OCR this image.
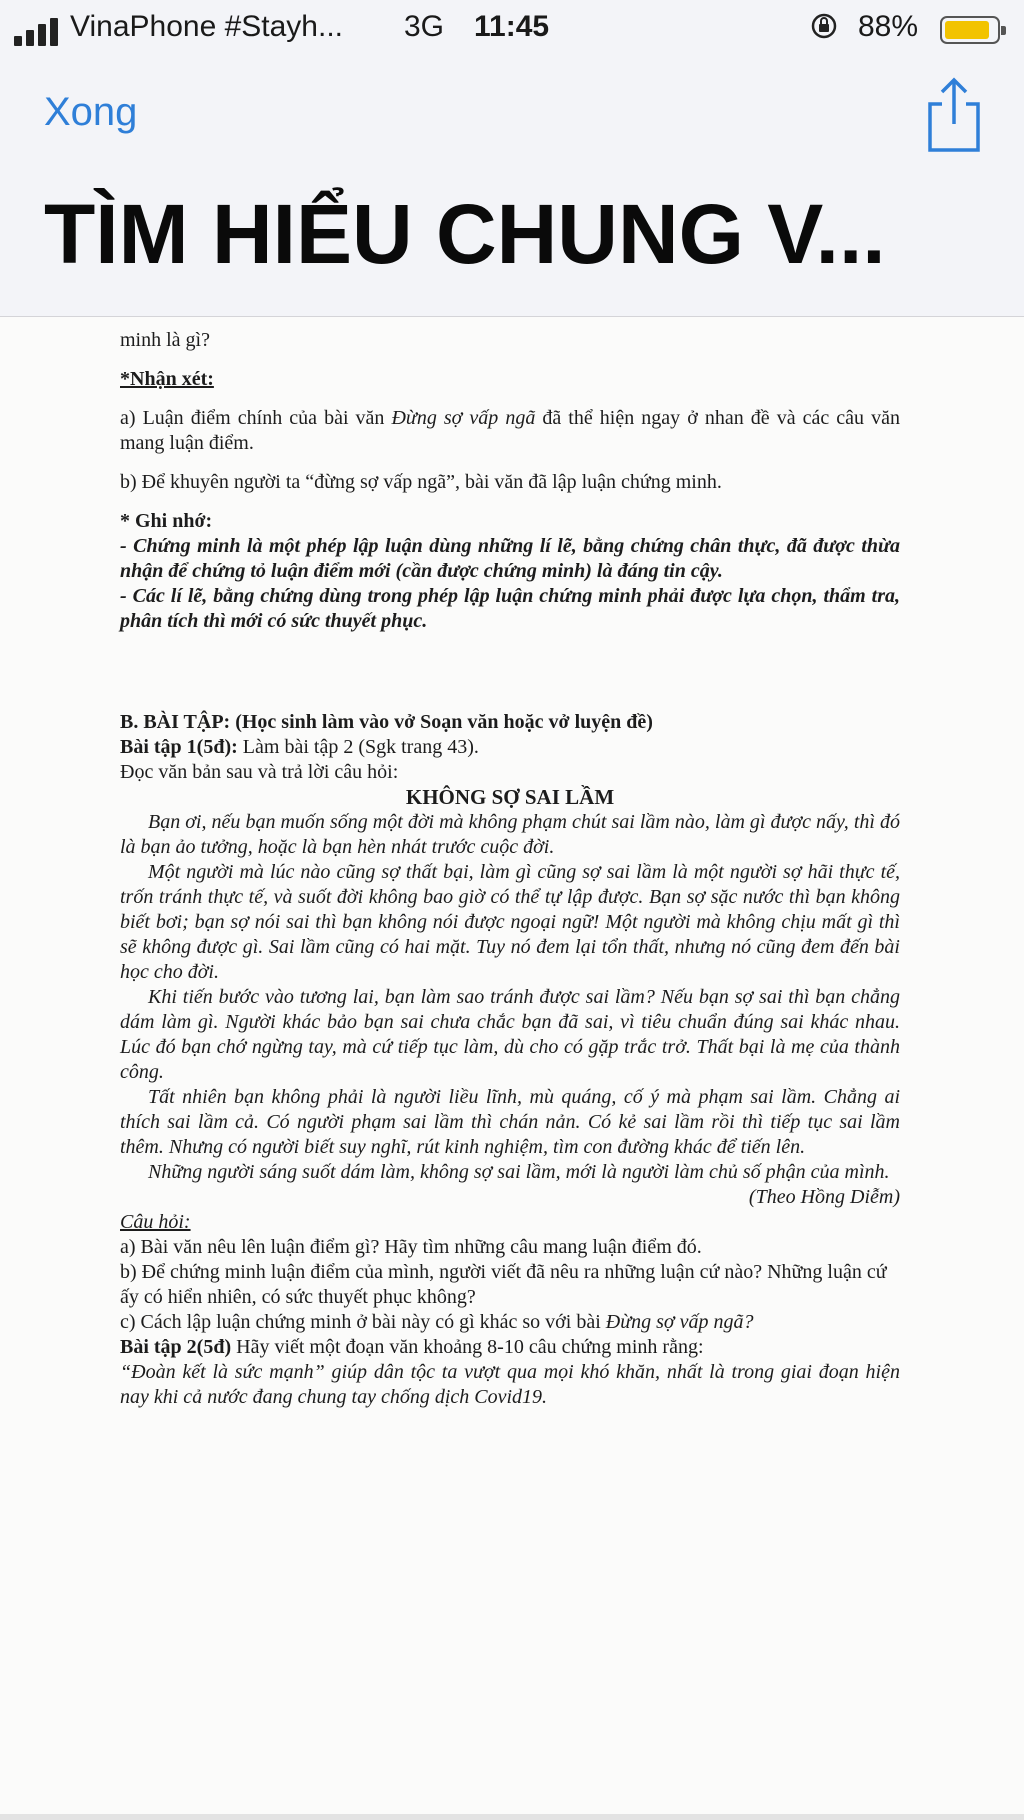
VinaPhone #Stayh... 3G 11:45	88%
Xong
TÌM HIỂU CHUNG V...

minh là gì?

*Nhận xét:

a) Luận điểm chính của bài văn Đừng sợ vấp ngã đã thể hiện ngay ở nhan đề và các câu văn mang luận điểm.

b) Để khuyên người ta “đừng sợ vấp ngã”, bài văn đã lập luận chứng minh.

* Ghi nhớ:

- Chứng minh là một phép lập luận dùng những lí lẽ, bằng chứng chân thực, đã được thừa nhận để chứng tỏ luận điểm mới (cần được chứng minh) là đáng tin cậy.

- Các lí lẽ, bằng chứng dùng trong phép lập luận chứng minh phải được lựa chọn, thẩm tra, phân tích thì mới có sức thuyết phục.

B. BÀI TẬP: (Học sinh làm vào vở Soạn văn hoặc vở luyện đề)

Bài tập 1(5đ): Làm bài tập 2 (Sgk trang 43).

Đọc văn bản sau và trả lời câu hỏi:

KHÔNG SỢ SAI LẦM

Bạn ơi, nếu bạn muốn sống một đời mà không phạm chút sai lầm nào, làm gì được nấy, thì đó là bạn ảo tưởng, hoặc là bạn hèn nhát trước cuộc đời.

Một người mà lúc nào cũng sợ thất bại, làm gì cũng sợ sai lầm là một người sợ hãi thực tế, trốn tránh thực tế, và suốt đời không bao giờ có thể tự lập được. Bạn sợ sặc nước thì bạn không biết bơi; bạn sợ nói sai thì bạn không nói được ngoại ngữ! Một người mà không chịu mất gì thì sẽ không được gì. Sai lầm cũng có hai mặt. Tuy nó đem lại tổn thất, nhưng nó cũng đem đến bài học cho đời.

Khi tiến bước vào tương lai, bạn làm sao tránh được sai lầm? Nếu bạn sợ sai thì bạn chẳng dám làm gì. Người khác bảo bạn sai chưa chắc bạn đã sai, vì tiêu chuẩn đúng sai khác nhau. Lúc đó bạn chớ ngừng tay, mà cứ tiếp tục làm, dù cho có gặp trắc trở. Thất bại là mẹ của thành công.

Tất nhiên bạn không phải là người liều lĩnh, mù quáng, cố ý mà phạm sai lầm. Chẳng ai thích sai lầm cả. Có người phạm sai lầm thì chán nản. Có kẻ sai lầm rồi thì tiếp tục sai lầm thêm. Nhưng có người biết suy nghĩ, rút kinh nghiệm, tìm con đường khác để tiến lên.

Những người sáng suốt dám làm, không sợ sai lầm, mới là người làm chủ số phận của mình.

(Theo Hồng Diễm)

Câu hỏi:

a) Bài văn nêu lên luận điểm gì? Hãy tìm những câu mang luận điểm đó.

b) Để chứng minh luận điểm của mình, người viết đã nêu ra những luận cứ nào? Những luận cứ ấy có hiển nhiên, có sức thuyết phục không?

c) Cách lập luận chứng minh ở bài này có gì khác so với bài Đừng sợ vấp ngã?

Bài tập 2(5đ) Hãy viết một đoạn văn khoảng 8-10 câu chứng minh rằng:

“Đoàn kết là sức mạnh” giúp dân tộc ta vượt qua mọi khó khăn, nhất là trong giai đoạn hiện nay khi cả nước đang chung tay chống dịch Covid19.
